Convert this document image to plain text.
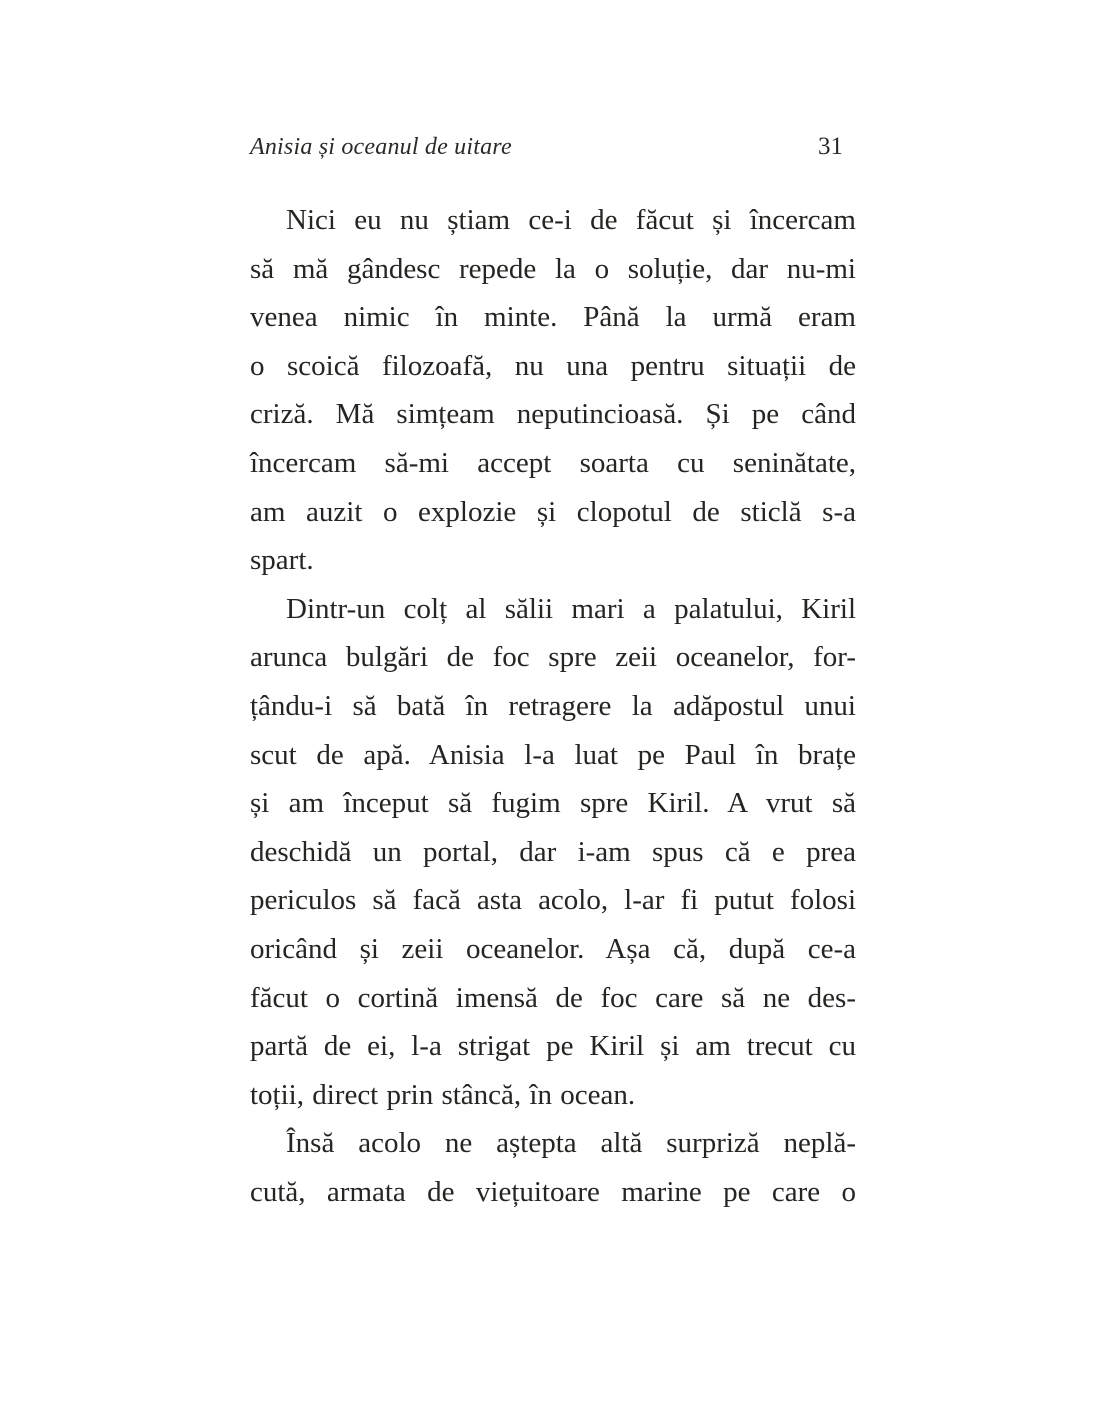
Anisia și oceanul de uitare	31

Nici eu nu știam ce-i de făcut și încercam
să mă gândesc repede la o soluție, dar nu-mi
venea nimic în minte. Până la urmă eram
o scoică filozoafă, nu una pentru situații de
criză. Mă simțeam neputincioasă. Și pe când
încercam să-mi accept soarta cu seninătate,
am auzit o explozie și clopotul de sticlă s-a
spart.

Dintr-un colț al sălii mari a palatului, Kiril
arunca bulgări de foc spre zeii oceanelor, for-
țându-i să bată în retragere la adăpostul unui
scut de apă. Anisia l-a luat pe Paul în brațe
și am început să fugim spre Kiril. A vrut să
deschidă un portal, dar i-am spus că e prea
periculos să facă asta acolo, l-ar fi putut folosi
oricând și zeii oceanelor. Așa că, după ce-a
făcut o cortină imensă de foc care să ne des-
partă de ei, l-a strigat pe Kiril și am trecut cu
toții, direct prin stâncă, în ocean.

Însă acolo ne aștepta altă surpriză neplă-
cută, armata de viețuitoare marine pe care o
